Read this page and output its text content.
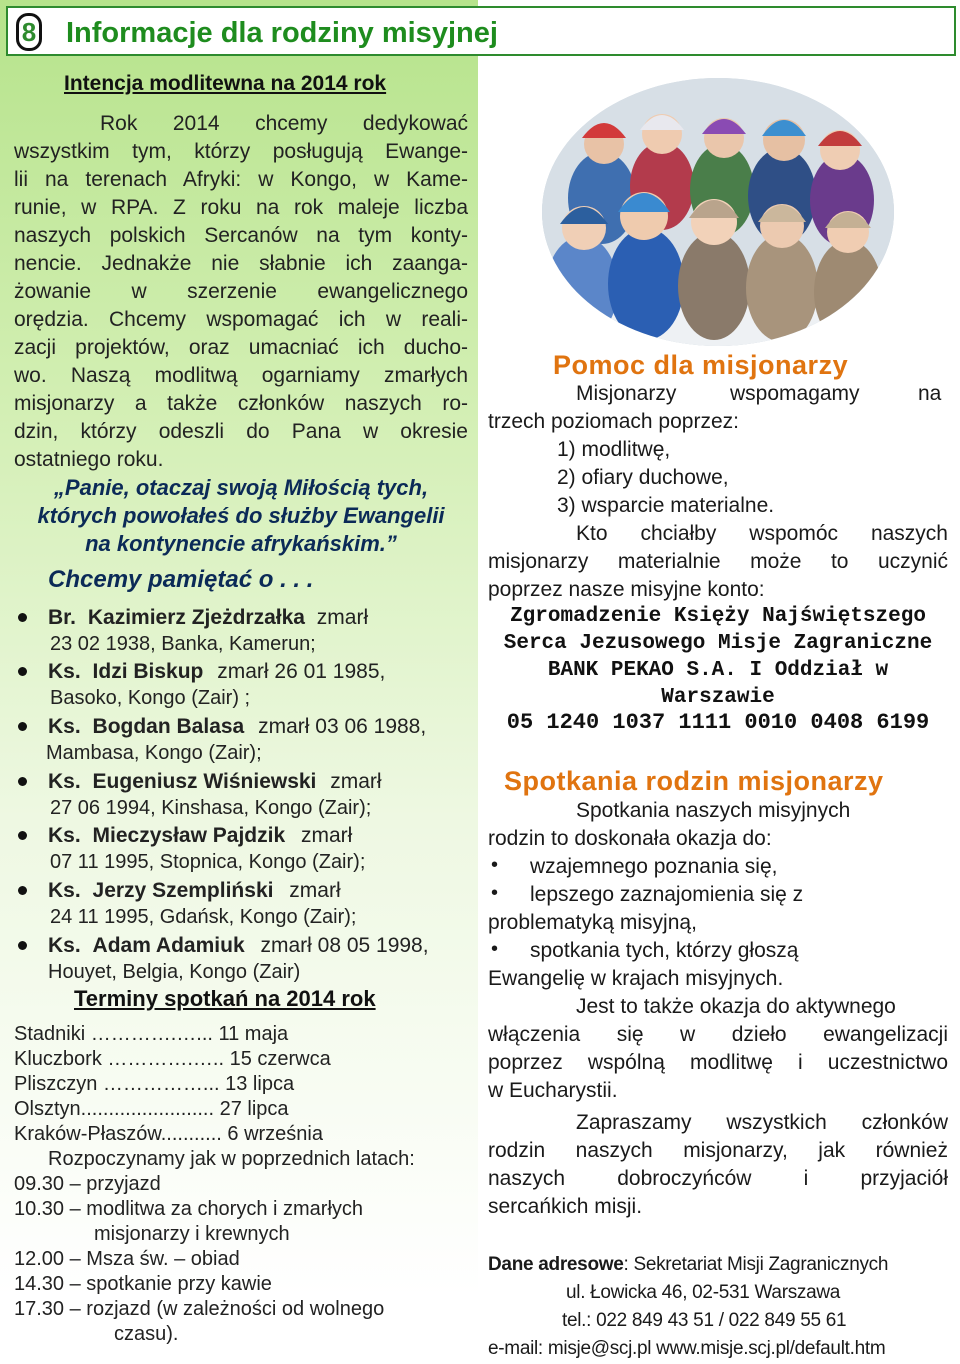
8 Informacje dla rodziny misyjnej
Intencja modlitewna na 2014 rok
Rok 2014 chcemy dedykować
wszystkim tym, którzy posługują Ewange-
lii na terenach Afryki: w Kongo, w Kame-
runie, w RPA. Z roku na rok maleje liczba
naszych polskich Sercanów na tym konty-
nencie. Jednakże nie słabnie ich zaanga-
żowanie w szerzenie ewangelicznego
orędzia. Chcemy wspomagać ich w reali-
zacji projektów, oraz umacniać ich ducho-
wo. Naszą modlitwą ogarniamy zmarłych
misjonarzy a także członków naszych ro-
dzin, którzy odeszli do Pana w okresie
ostatniego roku.
„Panie, otaczaj swoją Miłością tych,
których powołałeś do służby Ewangelii
na kontynencie afrykańskim.”
Chcemy pamiętać o . . .
Br. Kazimierz Zjeżdrzałka zmarł
23 02 1938, Banka, Kamerun;
Ks. Idzi Biskup zmarł 26 01 1985,
Basoko, Kongo (Zair) ;
Ks. Bogdan Balasa zmarł 03 06 1988,
Mambasa, Kongo (Zair);
Ks. Eugeniusz Wiśniewski zmarł
27 06 1994, Kinshasa, Kongo (Zair);
Ks. Mieczysław Pajdzik zmarł
07 11 1995, Stopnica, Kongo (Zair);
Ks. Jerzy Szempliński zmarł
24 11 1995, Gdańsk, Kongo (Zair);
Ks. Adam Adamiuk zmarł 08 05 1998,
Houyet, Belgia, Kongo (Zair)
Terminy spotkań na 2014 rok
Stadniki ………….…... 11 maja
Kluczbork ………….….. 15 czerwca
Pliszczyn ……………... 13 lipca
Olsztyn........................ 27 lipca
Kraków-Płaszów........... 6 września
Rozpoczynamy jak w poprzednich latach:
09.30 – przyjazd
10.30 – modlitwa za chorych i zmarłych
misjonarzy i krewnych
12.00 – Msza św. – obiad
14.30 – spotkanie przy kawie
17.30 – rozjazd (w zależności od wolnego
czasu).
Pomoc dla misjonarzy
Misjonarzy	wspomagamy	na
trzech poziomach poprzez:
1) modlitwę,
2) ofiary duchowe,
3) wsparcie materialne.
Kto chciałby wspomóc naszych
misjonarzy materialnie może to uczynić
poprzez nasze misyjne konto:
Zgromadzenie Księży Najświętszego
Serca Jezusowego Misje Zagraniczne
BANK PEKAO S.A. I Oddział w
Warszawie
05 1240 1037 1111 0010 0408 6199
Spotkania rodzin misjonarzy
Spotkania naszych misyjnych
rodzin to doskonała okazja do:
• wzajemnego poznania się,
• lepszego zaznajomienia się z
problematyką misyjną,
• spotkania tych, którzy głoszą
Ewangelię w krajach misyjnych.
Jest to także okazja do aktywnego
włączenia się w dzieło ewangelizacji
poprzez wspólną modlitwę i uczestnictwo
w Eucharystii.
Zapraszamy wszystkich członków
rodzin naszych misjonarzy, jak również
naszych dobroczyńców i przyjaciół
sercańkich misji.
Dane adresowe: Sekretariat Misji Zagranicznych
ul. Łowicka 46, 02-531 Warszawa
tel.: 022 849 43 51 / 022 849 55 61
e-mail: misje@scj.pl www.misje.scj.pl/default.htm
